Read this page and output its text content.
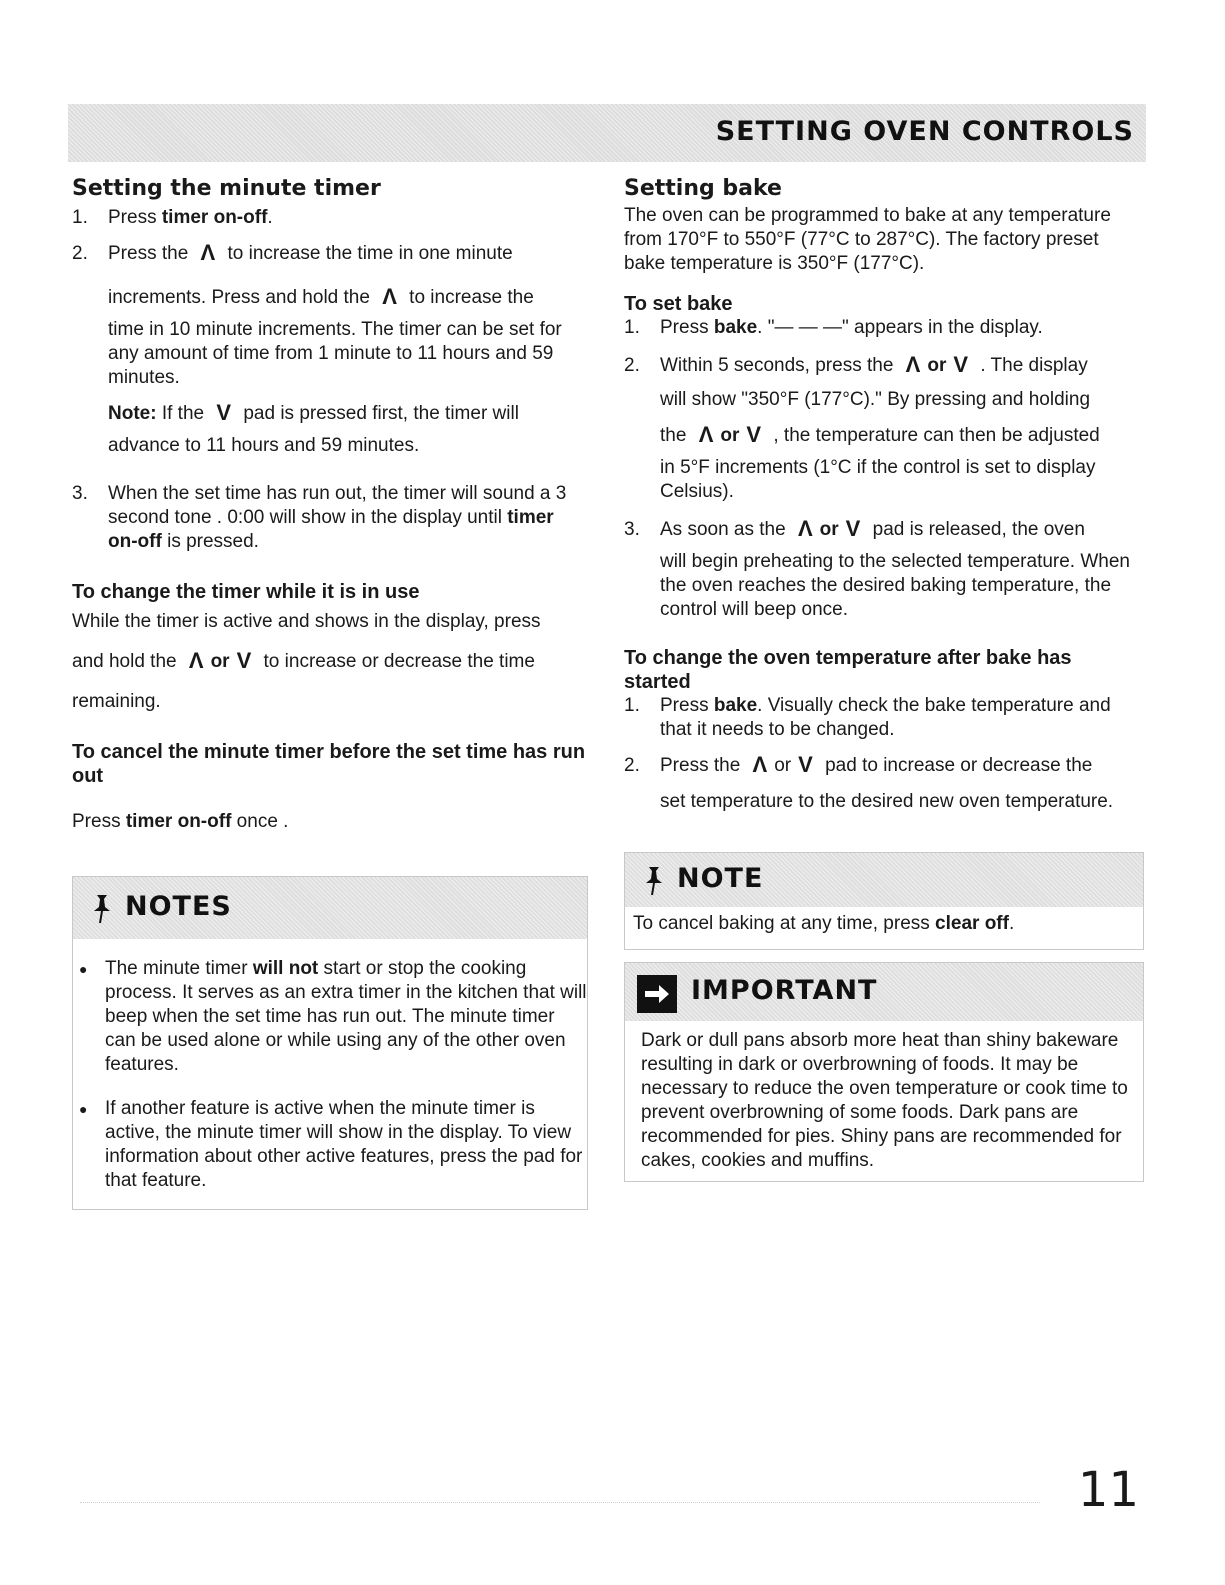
SETTING OVEN CONTROLS
Setting the minute timer
1.	Press timer on-off.
2.	Press the Λ to increase the time in one minute

increments. Press and hold the Λ to increase the

time in 10 minute increments. The timer can be set for any amount of time from 1 minute to 11 hours and 59 minutes.

Note: If the V pad is pressed first, the timer will

advance to 11 hours and 59 minutes.

3.	When the set time has run out, the timer will sound a 3 second tone . 0:00 will show in the display until timer on-off is pressed.
To change the timer while it is in use

While the timer is active and shows in the display, press

and hold the Λ or V to increase or decrease the time

remaining.

To cancel the minute timer before the set time has run out

Press timer on-off once .

Setting bake

The oven can be programmed to bake at any temperature from 170°F to 550°F (77°C to 287°C). The factory preset bake temperature is 350°F (177°C).

To set bake
1.	Press bake. "— — —" appears in the display.
2.	Within 5 seconds, press the Λ or V . The display

will show "350°F (177°C)." By pressing and holding

the Λ or V , the temperature can then be adjusted

in 5°F increments (1°C if the control is set to display Celsius).

3.	As soon as the Λ or V pad is released, the oven

will begin preheating to the selected temperature. When the oven reaches the desired baking temperature, the control will beep once.

To change the oven temperature after bake has started
1.	Press bake. Visually check the bake temperature and that it needs to be changed.
2.	Press the Λ or V pad to increase or decrease the

set temperature to the desired new oven temperature.

NOTES
● The minute timer will not start or stop the cooking process. It serves as an extra timer in the kitchen that will beep when the set time has run out. The minute timer can be used alone or while using any of the other oven features.
● If another feature is active when the minute timer is active, the minute timer will show in the display. To view information about other active features, press the pad for that feature.
NOTE

To cancel baking at any time, press clear off.

IMPORTANT

Dark or dull pans absorb more heat than shiny bakeware resulting in dark or overbrowning of foods. It may be necessary to reduce the oven temperature or cook time to prevent overbrowning of some foods. Dark pans are recommended for pies. Shiny pans are recommended for cakes, cookies and muffins.

11
